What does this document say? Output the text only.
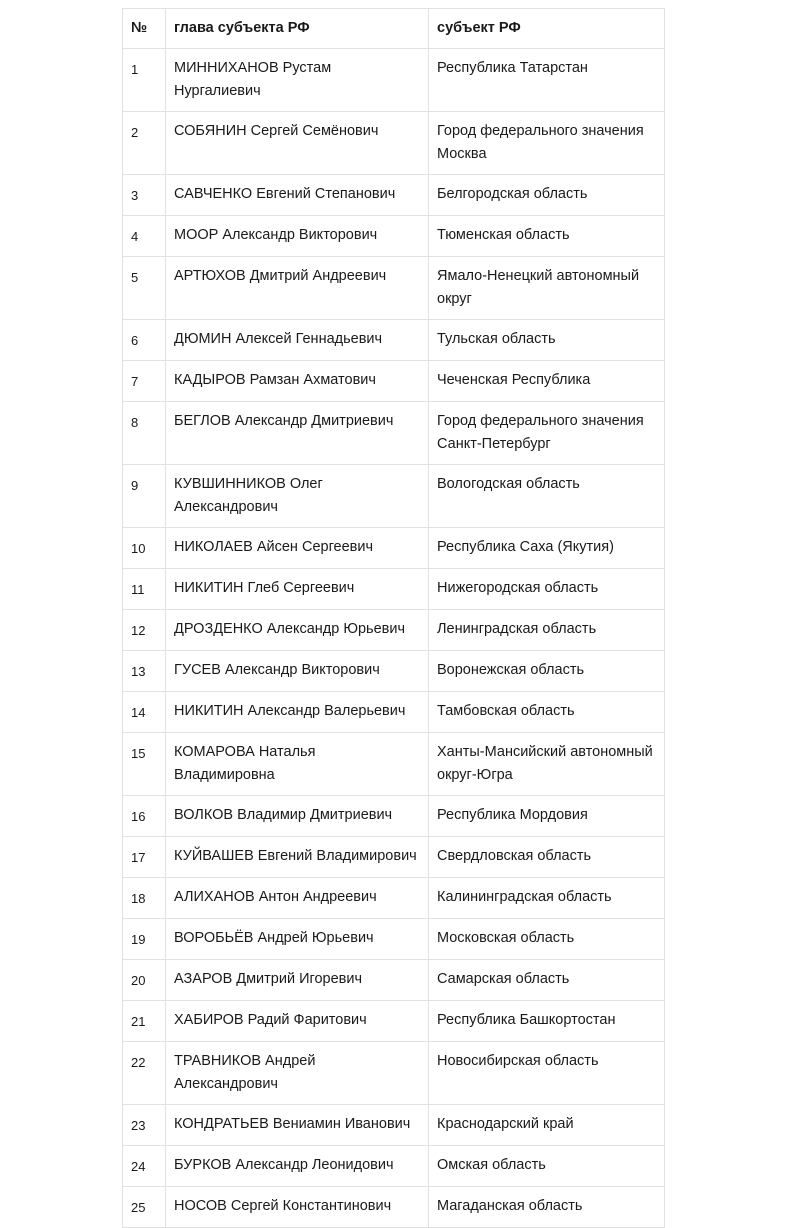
№	глава субъекта РФ	субъект РФ
1	МИННИХАНОВ Рустам Нургалиевич	Республика Татарстан
2	СОБЯНИН Сергей Семёнович	Город федерального значения Москва
3	САВЧЕНКО Евгений Степанович	Белгородская область
4	МООР Александр Викторович	Тюменская область
5	АРТЮХОВ Дмитрий Андреевич	Ямало-Ненецкий автономный округ
6	ДЮМИН Алексей Геннадьевич	Тульская область
7	КАДЫРОВ Рамзан Ахматович	Чеченская Республика
8	БЕГЛОВ Александр Дмитриевич	Город федерального значения Санкт-Петербург
9	КУВШИННИКОВ Олег Александрович	Вологодская область
10	НИКОЛАЕВ Айсен Сергеевич	Республика Саха (Якутия)
11	НИКИТИН Глеб Сергеевич	Нижегородская область
12	ДРОЗДЕНКО Александр Юрьевич	Ленинградская область
13	ГУСЕВ Александр Викторович	Воронежская область
14	НИКИТИН Александр Валерьевич	Тамбовская область
15	КОМАРОВА Наталья Владимировна	Ханты-Мансийский автономный округ-Югра
16	ВОЛКОВ Владимир Дмитриевич	Республика Мордовия
17	КУЙВАШЕВ Евгений Владимирович	Свердловская область
18	АЛИХАНОВ Антон Андреевич	Калининградская область
19	ВОРОБЬЁВ Андрей Юрьевич	Московская область
20	АЗАРОВ Дмитрий Игоревич	Самарская область
21	ХАБИРОВ Радий Фаритович	Республика Башкортостан
22	ТРАВНИКОВ Андрей Александрович	Новосибирская область
23	КОНДРАТЬЕВ Вениамин Иванович	Краснодарский край
24	БУРКОВ Александр Леонидович	Омская область
25	НОСОВ Сергей Константинович	Магаданская область
